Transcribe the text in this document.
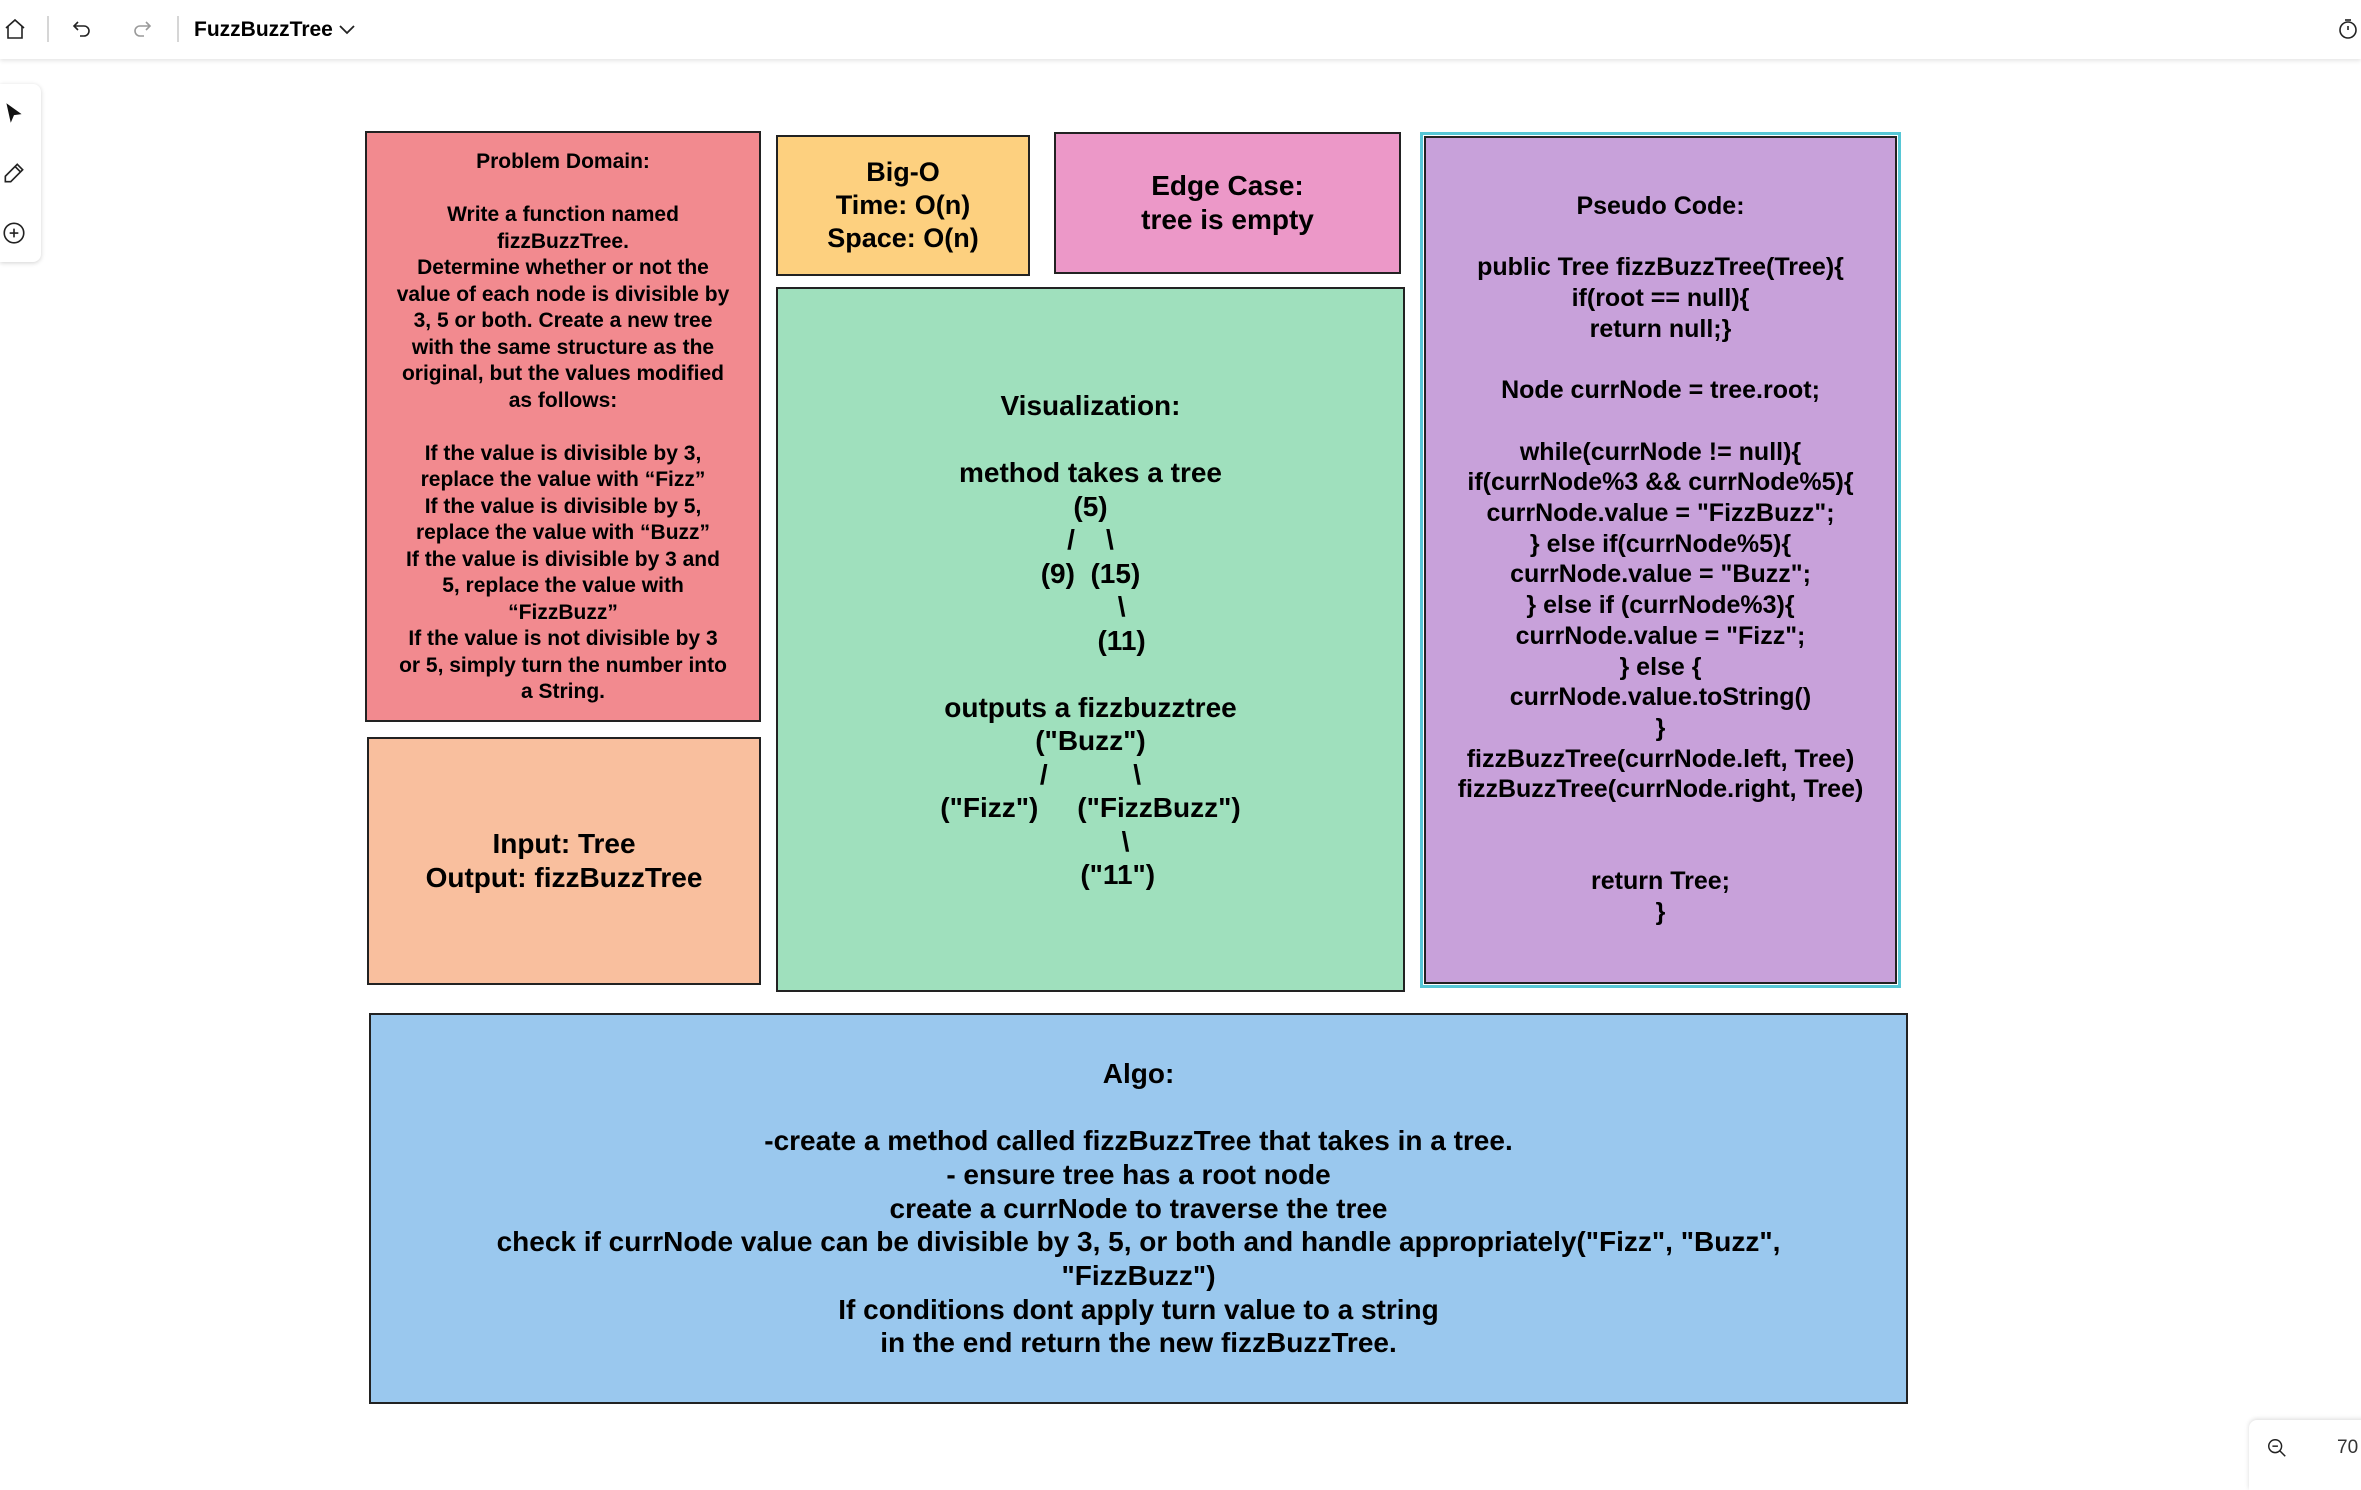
FuzzBuzzTree
Problem Domain:

Write a function named
fizzBuzzTree.
Determine whether or not the
value of each node is divisible by
3, 5 or both. Create a new tree
with the same structure as the
original, but the values modified
as follows:

If the value is divisible by 3,
replace the value with “Fizz”
If the value is divisible by 5,
replace the value with “Buzz”
If the value is divisible by 3 and
5, replace the value with
“FizzBuzz”
If the value is not divisible by 3
or 5, simply turn the number into
a String.
Big-O
Time: O(n)
Space: O(n)
Edge Case:
tree is empty	Pseudo Code:

public Tree fizzBuzzTree(Tree){
if(root == null){
return null;}

Node currNode = tree.root;

while(currNode != null){
if(currNode%3 && currNode%5){
currNode.value = "FizzBuzz";
} else if(currNode%5){
currNode.value = "Buzz";
} else if (currNode%3){
currNode.value = "Fizz";
} else {
currNode.value.toString()
}
fizzBuzzTree(currNode.left, Tree)
fizzBuzzTree(currNode.right, Tree)

return Tree;
}
Visualization:

method takes a tree
(5)
/    \
(9)  (15)
\
(11)

outputs a fizzbuzztree
("Buzz")
/           \
("Fizz")     ("FizzBuzz")
\
("11")
Input: Tree
Output: fizzBuzzTree
Algo:

-create a method called fizzBuzzTree that takes in a tree.
- ensure tree has a root node
create a currNode to traverse the tree
check if currNode value can be divisible by 3, 5, or both and handle appropriately("Fizz", "Buzz",
"FizzBuzz")
If conditions dont apply turn value to a string
in the end return the new fizzBuzzTree.
70
